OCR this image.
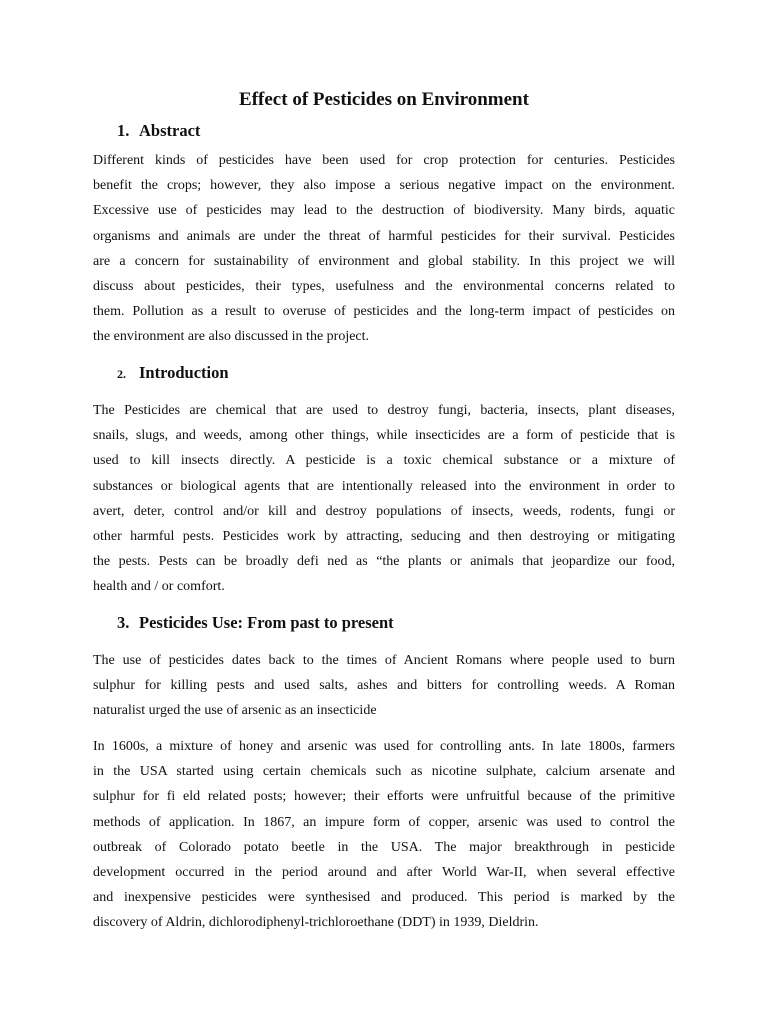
Effect of Pesticides on Environment
1. Abstract
Different kinds of pesticides have been used for crop protection for centuries. Pesticides
benefit the crops; however, they also impose a serious negative impact on the environment.
Excessive use of pesticides may lead to the destruction of biodiversity. Many birds, aquatic
organisms and animals are under the threat of harmful pesticides for their survival. Pesticides
are a concern for sustainability of environment and global stability. In this project we will
discuss about pesticides, their types, usefulness and the environmental concerns related to
them. Pollution as a result to overuse of pesticides and the long-term impact of pesticides on
the environment are also discussed in the project.
2. Introduction
The Pesticides are chemical that are used to destroy fungi, bacteria, insects, plant diseases,
snails, slugs, and weeds, among other things, while insecticides are a form of pesticide that is
used to kill insects directly. A pesticide is a toxic chemical substance or a mixture of
substances or biological agents that are intentionally released into the environment in order to
avert, deter, control and/or kill and destroy populations of insects, weeds, rodents, fungi or
other harmful pests. Pesticides work by attracting, seducing and then destroying or mitigating
the pests. Pests can be broadly defi ned as “the plants or animals that jeopardize our food,
health and / or comfort.
3. Pesticides Use: From past to present
The use of pesticides dates back to the times of Ancient Romans where people used to burn
sulphur for killing pests and used salts, ashes and bitters for controlling weeds. A Roman
naturalist urged the use of arsenic as an insecticide
In 1600s, a mixture of honey and arsenic was used for controlling ants. In late 1800s, farmers
in the USA started using certain chemicals such as nicotine sulphate, calcium arsenate and
sulphur for fi eld related posts; however; their efforts were unfruitful because of the primitive
methods of application. In 1867, an impure form of copper, arsenic was used to control the
outbreak of Colorado potato beetle in the USA. The major breakthrough in pesticide
development occurred in the period around and after World War-II, when several effective
and inexpensive pesticides were synthesised and produced. This period is marked by the
discovery of Aldrin, dichlorodiphenyl-trichloroethane (DDT) in 1939, Dieldrin.
